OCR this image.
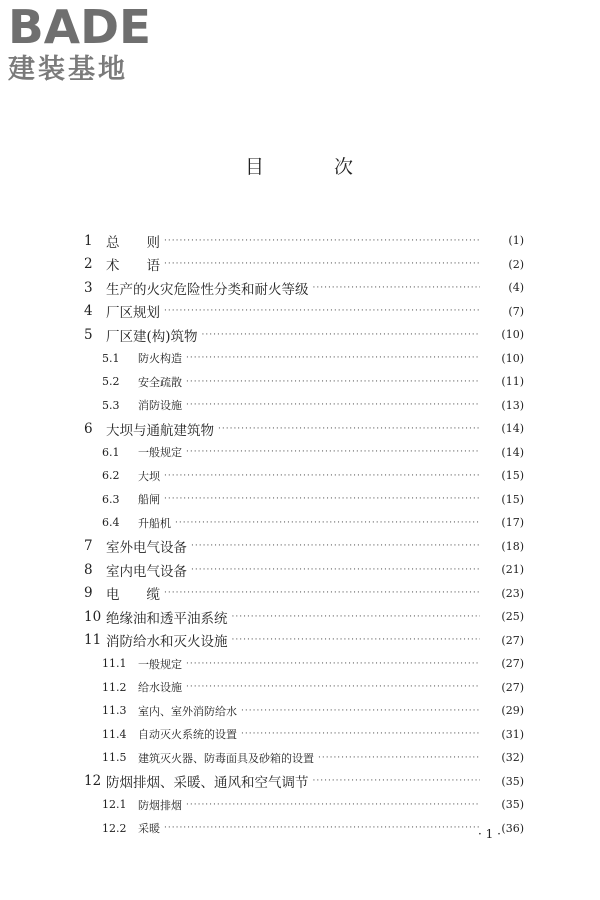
BADE
建装基地
目	次
1 总　　则 ·····	(1)
2 术　　语 ·····	(2)
3 生产的火灾危险性分类和耐火等级 ·····	(4)
4 厂区规划 ·····	(7)
5 厂区建(构)筑物 ·····	(10)
5.1	防火构造 ·····	(10)
5.2	安全疏散 ·····	(11)
5.3	消防设施 ·····	(13)
6 大坝与通航建筑物 ·····	(14)
6.1	一般规定 ·····	(14)
6.2	大坝 ·····	(15)
6.3	船闸 ·····	(15)
6.4	升船机 ·····	(17)
7 室外电气设备 ·····	(18)
8 室内电气设备 ·····	(21)
9 电　　缆 ·····	(23)
10 绝缘油和透平油系统 ·····	(25)
11 消防给水和灭火设施 ·····	(27)
11.1	一般规定 ·····	(27)
11.2	给水设施 ·····	(27)
11.3	室内、室外消防给水 ·····	(29)
11.4	自动灭火系统的设置 ·····	(31)
11.5	建筑灭火器、防毒面具及砂箱的设置 ·····	(32)
12 防烟排烟、采暖、通风和空气调节 ·····	(35)
12.1	防烟排烟 ·····	(35)
12.2	采暖 ·····	(36)
· 1 ·
